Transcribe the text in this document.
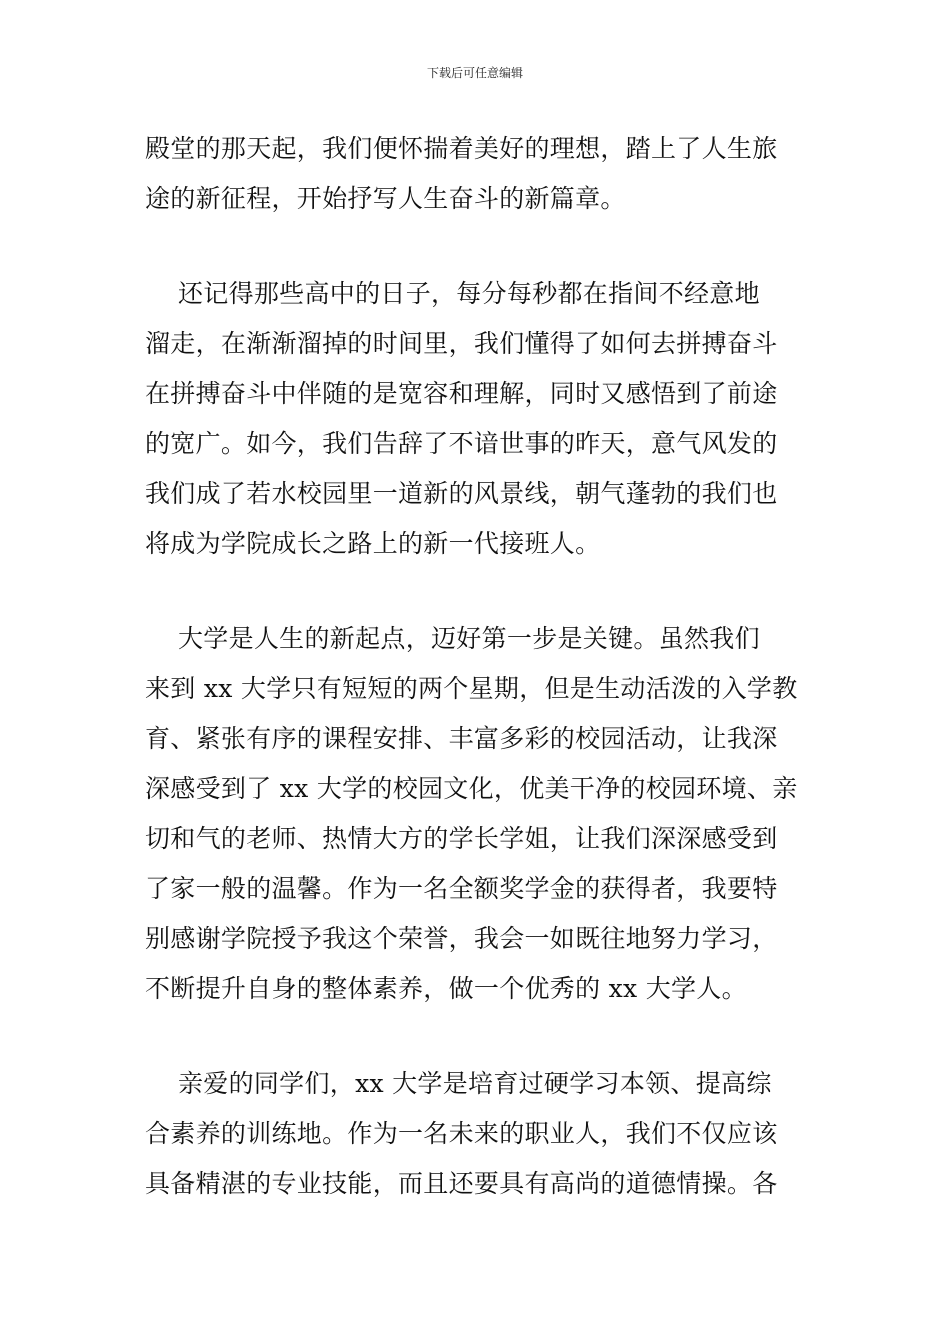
下载后可任意编辑
殿堂的那天起，我们便怀揣着美好的理想，踏上了人生旅
途的新征程，开始抒写人生奋斗的新篇章。
还记得那些高中的日子，每分每秒都在指间不经意地
溜走，在渐渐溜掉的时间里，我们懂得了如何去拼搏奋斗
在拼搏奋斗中伴随的是宽容和理解，同时又感悟到了前途
的宽广。如今，我们告辞了不谙世事的昨天，意气风发的
我们成了若水校园里一道新的风景线，朝气蓬勃的我们也
将成为学院成长之路上的新一代接班人。
大学是人生的新起点，迈好第一步是关键。虽然我们
来到 xx 大学只有短短的两个星期，但是生动活泼的入学教
育、紧张有序的课程安排、丰富多彩的校园活动，让我深
深感受到了 xx 大学的校园文化，优美干净的校园环境、亲
切和气的老师、热情大方的学长学姐，让我们深深感受到
了家一般的温馨。作为一名全额奖学金的获得者，我要特
别感谢学院授予我这个荣誉，我会一如既往地努力学习，
不断提升自身的整体素养，做一个优秀的 xx 大学人。
亲爱的同学们，xx 大学是培育过硬学习本领、提高综
合素养的训练地。作为一名未来的职业人，我们不仅应该
具备精湛的专业技能，而且还要具有高尚的道德情操。各
